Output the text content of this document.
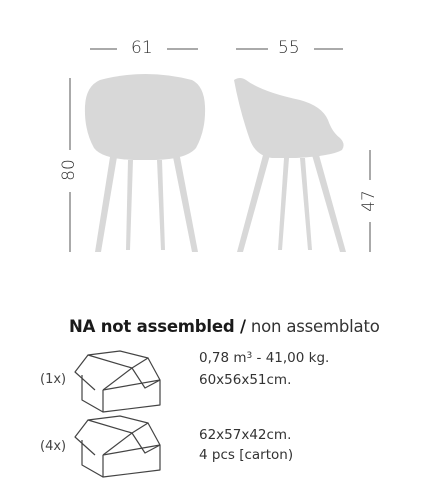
61	55
80
47
NA not assembled / non assemblato
(1x)
0,78 $m^3 - 41,00$ kg.
60x56x51cm.
(4x)
62x57x42cm.
4 pcs [carton)
